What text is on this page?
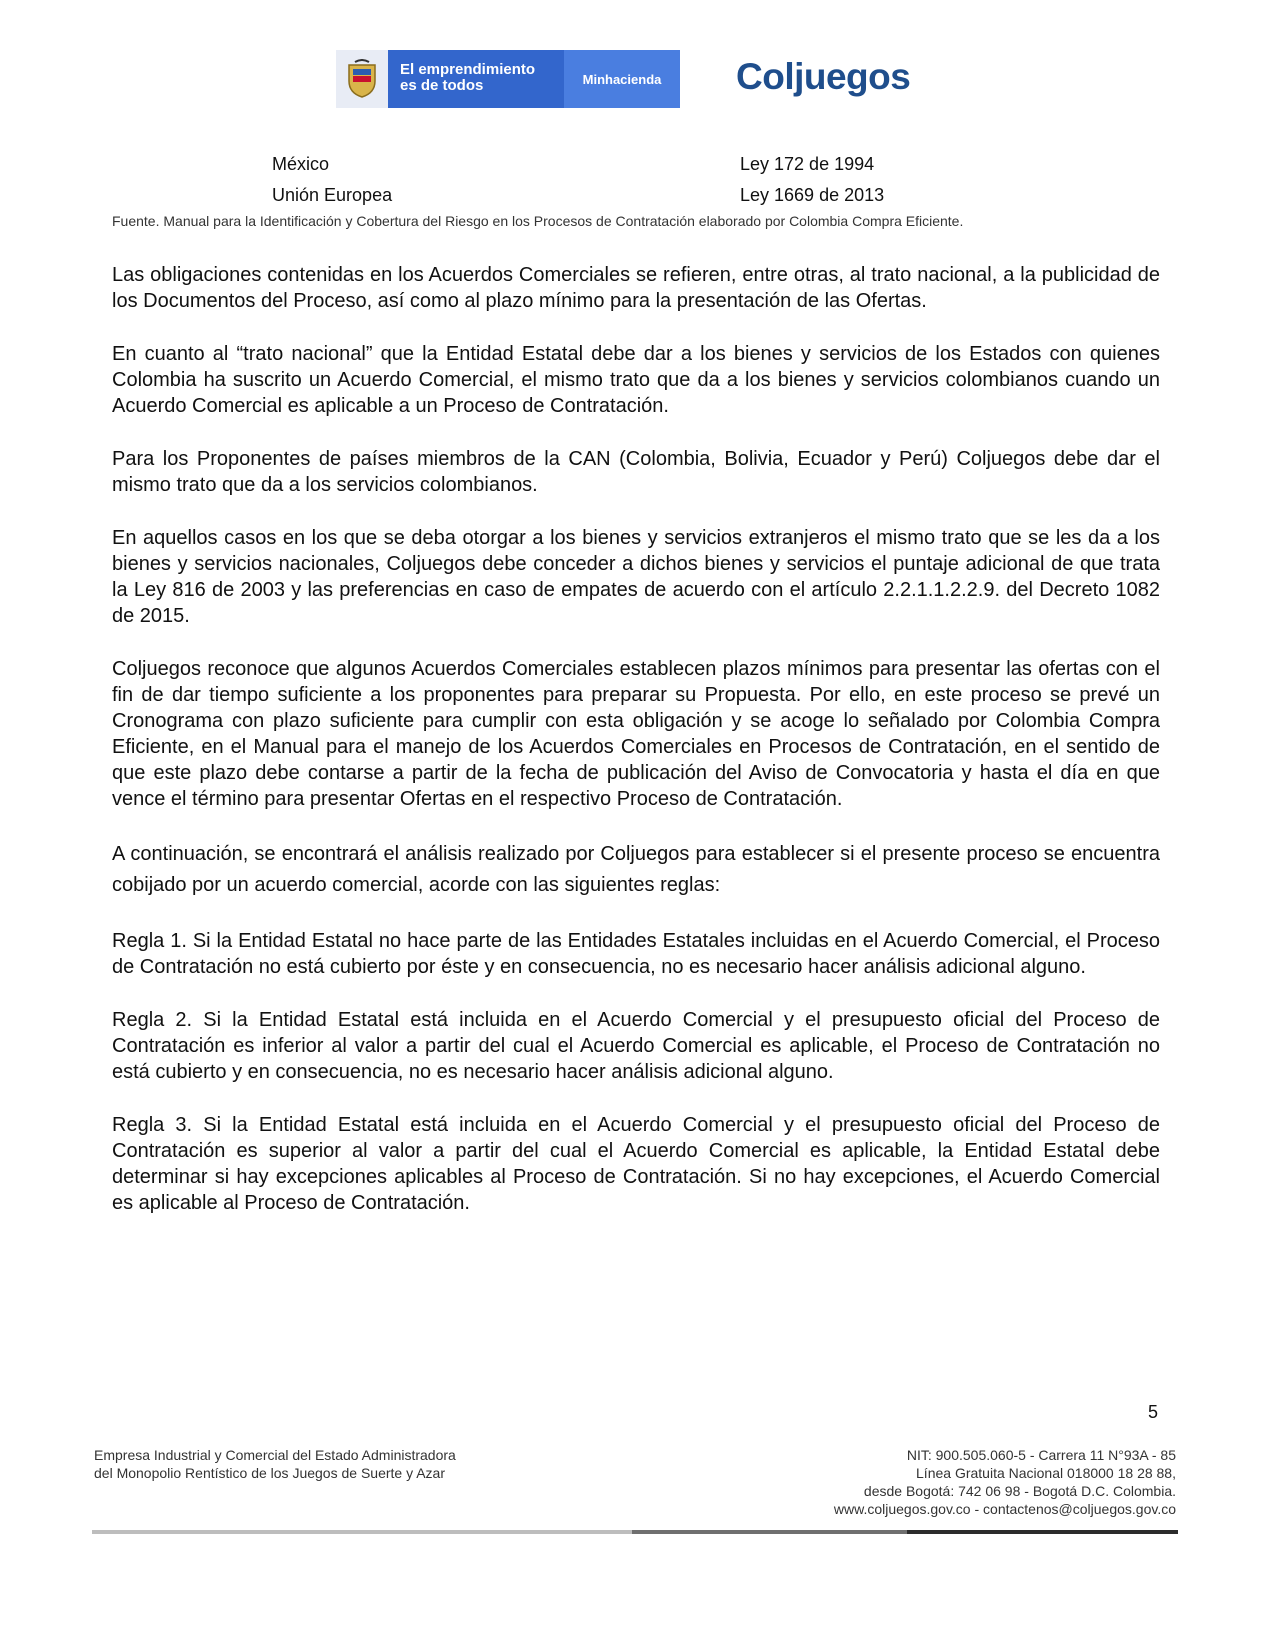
El emprendimiento
es de todos	Minhacienda	Coljuegos
México	Ley 172 de 1994
Unión Europea	Ley 1669 de 2013
Fuente. Manual para la Identificación y Cobertura del Riesgo en los Procesos de Contratación elaborado por Colombia Compra Eficiente.

Las obligaciones contenidas en los Acuerdos Comerciales se refieren, entre otras, al trato nacional, a la publicidad de los Documentos del Proceso, así como al plazo mínimo para la presentación de las Ofertas.

En cuanto al “trato nacional” que la Entidad Estatal debe dar a los bienes y servicios de los Estados con quienes Colombia ha suscrito un Acuerdo Comercial, el mismo trato que da a los bienes y servicios colombianos cuando un Acuerdo Comercial es aplicable a un Proceso de Contratación.

Para los Proponentes de países miembros de la CAN (Colombia, Bolivia, Ecuador y Perú) Coljuegos debe dar el mismo trato que da a los servicios colombianos.

En aquellos casos en los que se deba otorgar a los bienes y servicios extranjeros el mismo trato que se les da a los bienes y servicios nacionales, Coljuegos debe conceder a dichos bienes y servicios el puntaje adicional de que trata la Ley 816 de 2003 y las preferencias en caso de empates de acuerdo con el artículo 2.2.1.1.2.2.9. del Decreto 1082 de 2015.

Coljuegos reconoce que algunos Acuerdos Comerciales establecen plazos mínimos para presentar las ofertas con el fin de dar tiempo suficiente a los proponentes para preparar su Propuesta. Por ello, en este proceso se prevé un Cronograma con plazo suficiente para cumplir con esta obligación y se acoge lo señalado por Colombia Compra Eficiente, en el Manual para el manejo de los Acuerdos Comerciales en Procesos de Contratación, en el sentido de que este plazo debe contarse a partir de la fecha de publicación del Aviso de Convocatoria y hasta el día en que vence el término para presentar Ofertas en el respectivo Proceso de Contratación.

A continuación, se encontrará el análisis realizado por Coljuegos para establecer si el presente proceso se encuentra cobijado por un acuerdo comercial, acorde con las siguientes reglas:

Regla 1. Si la Entidad Estatal no hace parte de las Entidades Estatales incluidas en el Acuerdo Comercial, el Proceso de Contratación no está cubierto por éste y en consecuencia, no es necesario hacer análisis adicional alguno.

Regla 2. Si la Entidad Estatal está incluida en el Acuerdo Comercial y el presupuesto oficial del Proceso de Contratación es inferior al valor a partir del cual el Acuerdo Comercial es aplicable, el Proceso de Contratación no está cubierto y en consecuencia, no es necesario hacer análisis adicional alguno.

Regla 3. Si la Entidad Estatal está incluida en el Acuerdo Comercial y el presupuesto oficial del Proceso de Contratación es superior al valor a partir del cual el Acuerdo Comercial es aplicable, la Entidad Estatal debe determinar si hay excepciones aplicables al Proceso de Contratación. Si no hay excepciones, el Acuerdo Comercial es aplicable al Proceso de Contratación.

5
Empresa Industrial y Comercial del Estado Administradora
del Monopolio Rentístico de los Juegos de Suerte y Azar
NIT: 900.505.060-5 - Carrera 11 N°93A - 85
Línea Gratuita Nacional 018000 18 28 88,
desde Bogotá: 742 06 98 - Bogotá D.C. Colombia.
www.coljuegos.gov.co - contactenos@coljuegos.gov.co
